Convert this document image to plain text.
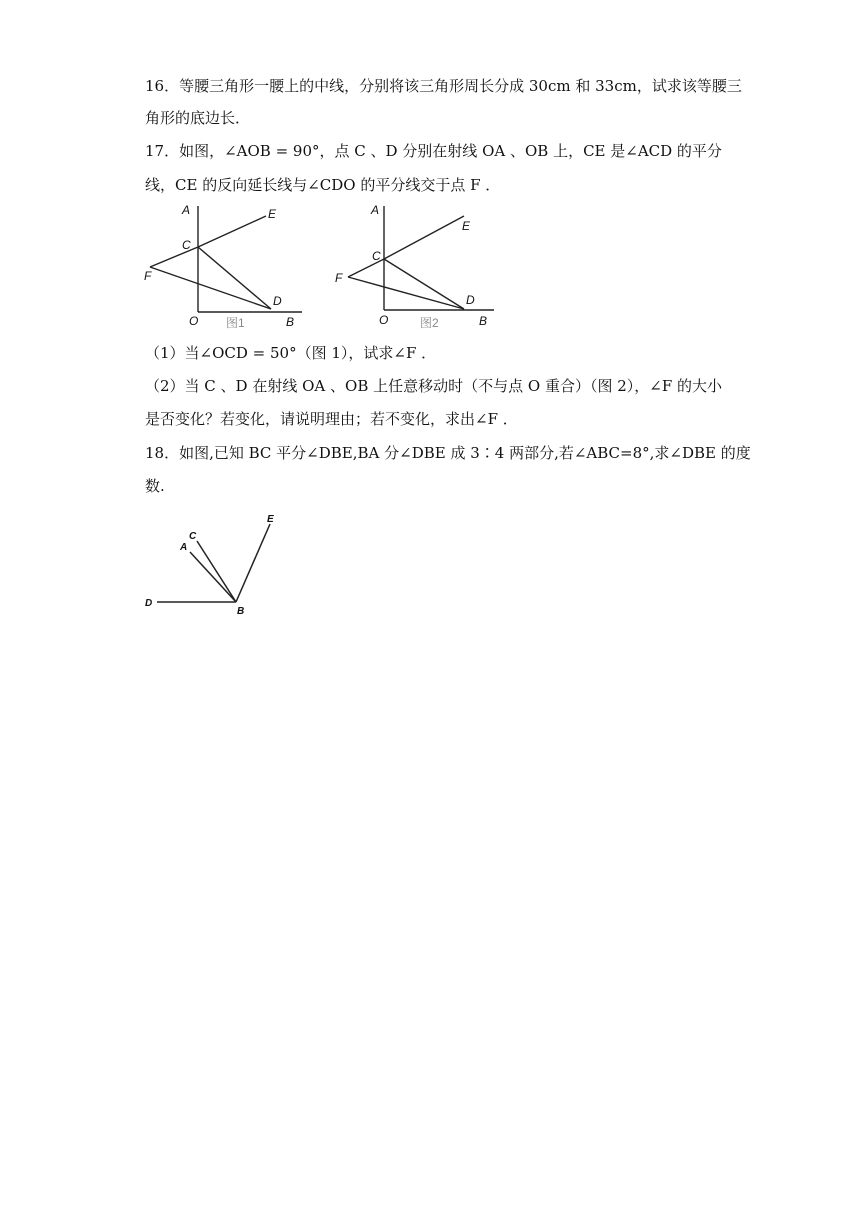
16．等腰三角形一腰上的中线，分别将该三角形周长分成 30cm 和 33cm，试求该等腰三
角形的底边长．
17．如图，∠AOB = 90°，点 C 、D 分别在射线 OA 、OB 上，CE 是∠ACD 的平分
线，CE 的反向延长线与∠CDO 的平分线交于点 F ．
A	E
C
F
D
O	B
图1
A
E
C
F
D
O	B
图2
（1）当∠OCD = 50°（图 1），试求∠F ．
（2）当 C 、D 在射线 OA 、OB 上任意移动时（不与点 O 重合）（图 2），∠F 的大小
是否变化？若变化，请说明理由；若不变化，求出∠F ．
18．如图,已知 BC 平分∠DBE,BA 分∠DBE 成 3∶4 两部分,若∠ABC=8°,求∠DBE 的度
数.
E
C
A
D
B
